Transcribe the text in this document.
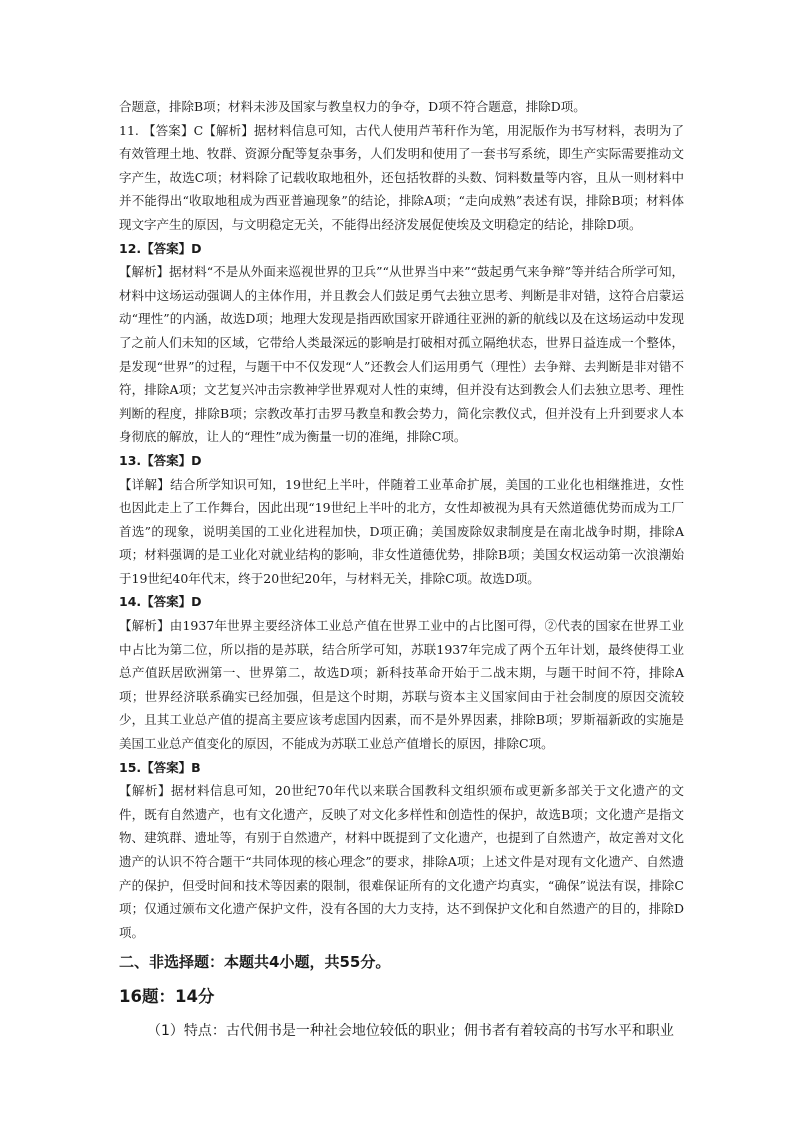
合题意，排除B项；材料未涉及国家与教皇权力的争夺，D项不符合题意，排除D项。

11. 【答案】C【解析】据材料信息可知，古代人使用芦苇秆作为笔，用泥版作为书写材料，表明为了有效管理土地、牧群、资源分配等复杂事务，人们发明和使用了一套书写系统，即生产实际需要推动文字产生，故选C项；材料除了记载收取地租外，还包括牧群的头数、饲料数量等内容，且从一则材料中并不能得出“收取地租成为西亚普遍现象”的结论，排除A项；“走向成熟”表述有误，排除B项；材料体现文字产生的原因，与文明稳定无关，不能得出经济发展促使埃及文明稳定的结论，排除D项。

12.【答案】D

【解析】据材料“不是从外面来巡视世界的卫兵”“从世界当中来”“鼓起勇气来争辩”等并结合所学可知，材料中这场运动强调人的主体作用，并且教会人们鼓足勇气去独立思考、判断是非对错，这符合启蒙运动“理性”的内涵，故选D项；地理大发现是指西欧国家开辟通往亚洲的新的航线以及在这场运动中发现了之前人们未知的区域，它带给人类最深远的影响是打破相对孤立隔绝状态，世界日益连成一个整体，是发现“世界”的过程，与题干中不仅发现“人”还教会人们运用勇气（理性）去争辩、去判断是非对错不符，排除A项；文艺复兴冲击宗教神学世界观对人性的束缚，但并没有达到教会人们去独立思考、理性判断的程度，排除B项；宗教改革打击罗马教皇和教会势力，简化宗教仪式，但并没有上升到要求人本身彻底的解放，让人的“理性”成为衡量一切的准绳，排除C项。

13.【答案】D

【详解】结合所学知识可知，19世纪上半叶，伴随着工业革命扩展，美国的工业化也相继推进，女性也因此走上了工作舞台，因此出现“19世纪上半叶的北方，女性却被视为具有天然道德优势而成为工厂首选”的现象，说明美国的工业化进程加快，D项正确；美国废除奴隶制度是在南北战争时期，排除A项；材料强调的是工业化对就业结构的影响，非女性道德优势，排除B项；美国女权运动第一次浪潮始于19世纪40年代末，终于20世纪20年，与材料无关，排除C项。故选D项。

14.【答案】D

【解析】由1937年世界主要经济体工业总产值在世界工业中的占比图可得，②代表的国家在世界工业中占比为第二位，所以指的是苏联，结合所学可知，苏联1937年完成了两个五年计划，最终使得工业总产值跃居欧洲第一、世界第二，故选D项；新科技革命开始于二战末期，与题干时间不符，排除A项；世界经济联系确实已经加强，但是这个时期，苏联与资本主义国家间由于社会制度的原因交流较少，且其工业总产值的提高主要应该考虑国内因素，而不是外界因素，排除B项；罗斯福新政的实施是美国工业总产值变化的原因，不能成为苏联工业总产值增长的原因，排除C项。

15.【答案】B

【解析】据材料信息可知，20世纪70年代以来联合国教科文组织颁布或更新多部关于文化遗产的文件，既有自然遗产，也有文化遗产，反映了对文化多样性和创造性的保护，故选B项；文化遗产是指文物、建筑群、遗址等，有别于自然遗产，材料中既提到了文化遗产，也提到了自然遗产，故定善对文化遗产的认识不符合题干“共同体现的核心理念”的要求，排除A项；上述文件是对现有文化遗产、自然遗产的保护，但受时间和技术等因素的限制，很难保证所有的文化遗产均真实，“确保”说法有误，排除C项；仅通过颁布文化遗产保护文件，没有各国的大力支持，达不到保护文化和自然遗产的目的，排除D项。

二、非选择题：本题共4小题，共55分。

16题：14分

（1）特点：古代佣书是一种社会地位较低的职业；佣书者有着较高的书写水平和职业
